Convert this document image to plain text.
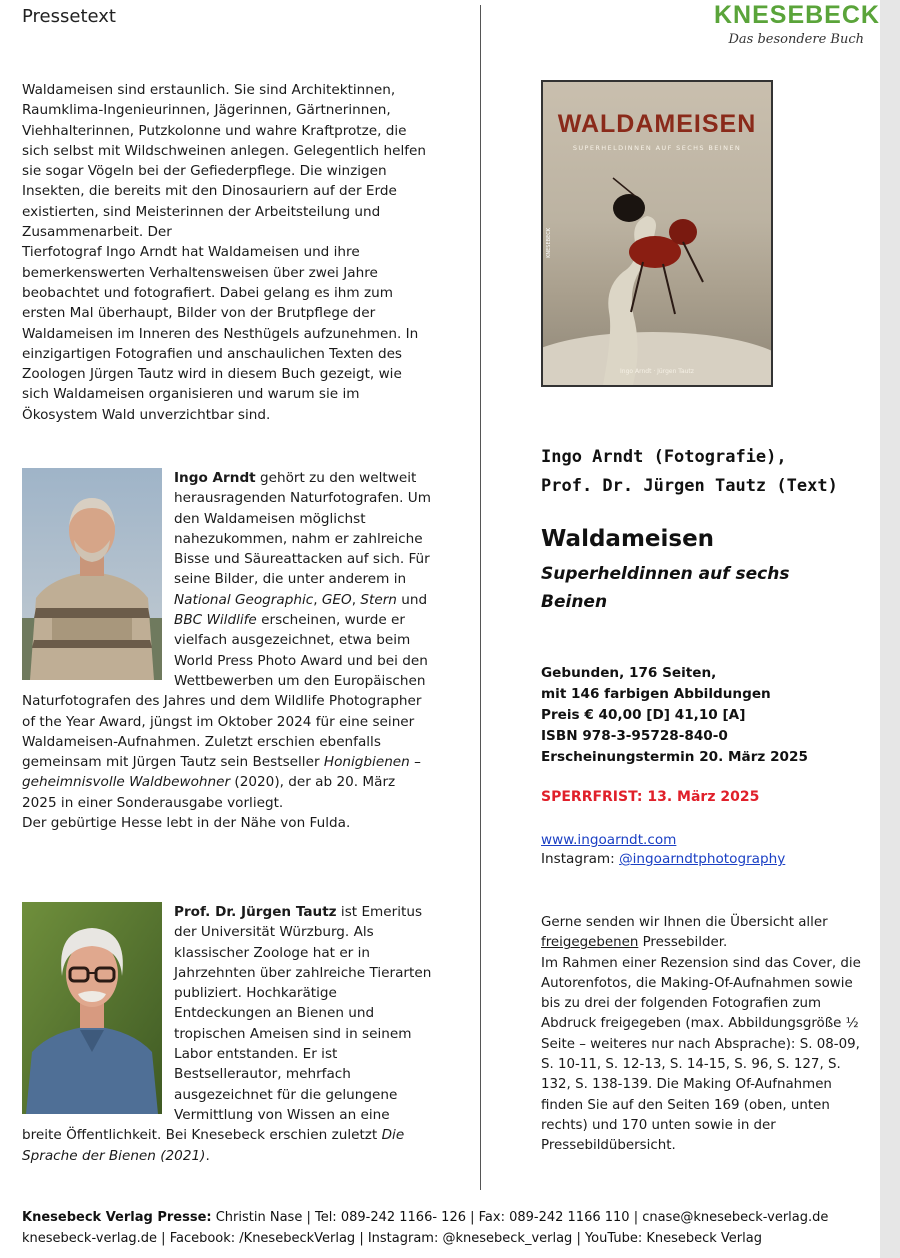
Pressetext	KNESEBECK
Das besondere Buch

Waldameisen sind erstaunlich. Sie sind Architektinnen, Raumklima-Ingenieurinnen, Jägerinnen, Gärtnerinnen, Viehhalterinnen, Putzkolonne und wahre Kraftprotze, die sich selbst mit Wildschweinen anlegen. Gelegentlich helfen sie sogar Vögeln bei der Gefiederpflege. Die winzigen Insekten, die bereits mit den Dinosauriern auf der Erde existierten, sind Meisterinnen der Arbeitsteilung und Zusammenarbeit. Der
Tierfotograf Ingo Arndt hat Waldameisen und ihre bemerkenswerten Verhaltensweisen über zwei Jahre beobachtet und fotografiert. Dabei gelang es ihm zum ersten Mal überhaupt, Bilder von der Brutpflege der Waldameisen im Inneren des Nesthügels aufzunehmen. In einzigartigen Fotografien und anschaulichen Texten des Zoologen Jürgen Tautz wird in diesem Buch gezeigt, wie sich Waldameisen organisieren und warum sie im Ökosystem Wald unverzichtbar sind.

Ingo Arndt gehört zu den weltweit herausragenden Naturfotografen. Um den Waldameisen möglichst nahezukommen, nahm er zahlreiche Bisse und Säureattacken auf sich. Für seine Bilder, die unter anderem in National Geographic, GEO, Stern und BBC Wildlife erscheinen, wurde er vielfach ausgezeichnet, etwa beim World Press Photo Award und bei den Wettbewerben um den Europäischen Naturfotografen des Jahres und dem Wildlife Photographer of the Year Award, jüngst im Oktober 2024 für eine seiner Waldameisen-Aufnahmen. Zuletzt erschien ebenfalls gemeinsam mit Jürgen Tautz sein Bestseller Honigbienen – geheimnisvolle Waldbewohner (2020), der ab 20. März 2025 in einer Sonderausgabe vorliegt.
Der gebürtige Hesse lebt in der Nähe von Fulda.

Prof. Dr. Jürgen Tautz ist Emeritus der Universität Würzburg. Als klassischer Zoologe hat er in Jahrzehnten über zahlreiche Tierarten publiziert. Hochkarätige Entdeckungen an Bienen und tropischen Ameisen sind in seinem Labor entstanden. Er ist Bestsellerautor, mehrfach ausgezeichnet für die gelungene Vermittlung von Wissen an eine breite Öffentlichkeit. Bei Knesebeck erschien zuletzt Die Sprache der Bienen (2021).

WALDAMEISEN
SUPERHELDINNEN AUF SECHS BEINEN
KNESEBECK
Ingo Arndt · Jürgen Tautz
Ingo Arndt (Fotografie),
Prof. Dr. Jürgen Tautz (Text)
Waldameisen
Superheldinnen auf sechs Beinen
Gebunden, 176 Seiten,
mit 146 farbigen Abbildungen
Preis € 40,00 [D] 41,10 [A]
ISBN 978-3-95728-840-0
Erscheinungstermin 20. März 2025
SPERRFRIST: 13. März 2025
www.ingoarndt.com
Instagram: @ingoarndtphotography

Gerne senden wir Ihnen die Übersicht aller freigegebenen Pressebilder.
Im Rahmen einer Rezension sind das Cover, die Autorenfotos, die Making-Of-Aufnahmen sowie bis zu drei der folgenden Fotografien zum Abdruck freigegeben (max. Abbildungsgröße ½ Seite – weiteres nur nach Absprache): S. 08-09, S. 10-11, S. 12-13, S. 14-15, S. 96, S. 127, S. 132, S. 138-139. Die Making Of-Aufnahmen finden Sie auf den Seiten 169 (oben, unten rechts) und 170 unten sowie in der Pressebildübersicht.

Knesebeck Verlag Presse: Christin Nase | Tel: 089-242 1166- 126 | Fax: 089-242 1166 110 | cnase@knesebeck-verlag.de
knesebeck-verlag.de | Facebook: /KnesebeckVerlag | Instagram: @knesebeck_verlag | YouTube: Knesebeck Verlag
